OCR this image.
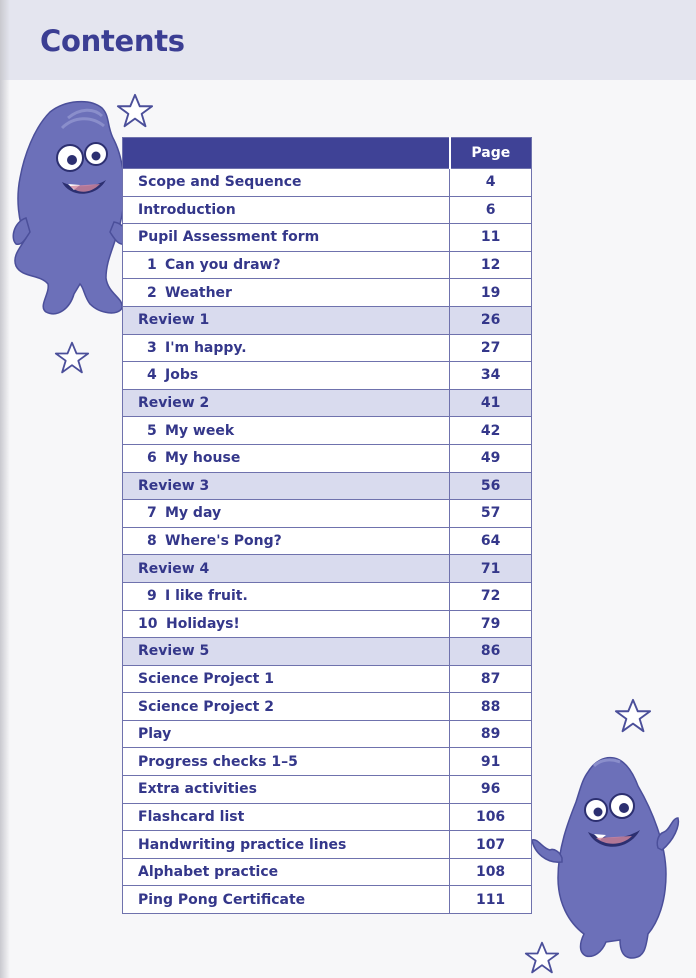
Contents
	Page
Scope and Sequence	4
Introduction	6
Pupil Assessment form	11
1 Can you draw?	12
2 Weather	19
Review 1	26
3 I'm happy.	27
4 Jobs	34
Review 2	41
5 My week	42
6 My house	49
Review 3	56
7 My day	57
8 Where's Pong?	64
Review 4	71
9 I like fruit.	72
10 Holidays!	79
Review 5	86
Science Project 1	87
Science Project 2	88
Play	89
Progress checks 1–5	91
Extra activities	96
Flashcard list	106
Handwriting practice lines	107
Alphabet practice	108
Ping Pong Certificate	111
